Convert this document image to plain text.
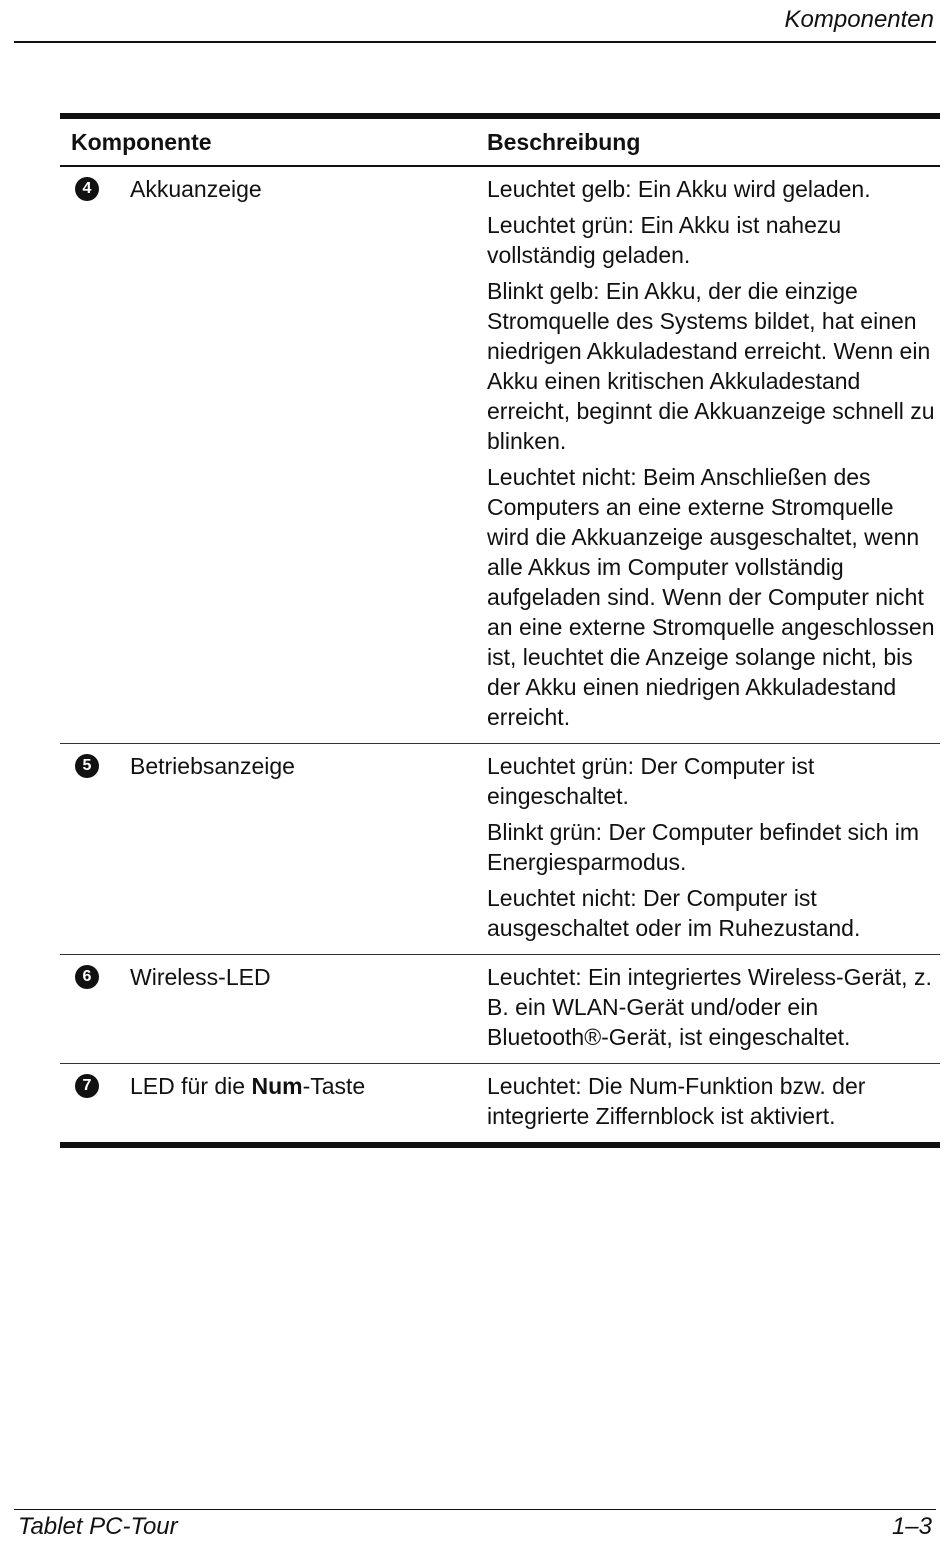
Komponenten
Komponente	Beschreibung
4	Akkuanzeige	Leuchtet gelb: Ein Akku wird geladen.

Leuchtet grün: Ein Akku ist nahezu vollständig geladen.

Blinkt gelb: Ein Akku, der die einzige Stromquelle des Systems bildet, hat einen niedrigen Akkuladestand erreicht. Wenn ein Akku einen kritischen Akkuladestand erreicht, beginnt die Akkuanzeige schnell zu blinken.

Leuchtet nicht: Beim Anschließen des Computers an eine externe Stromquelle wird die Akkuanzeige ausgeschaltet, wenn alle Akkus im Computer vollständig aufgeladen sind. Wenn der Computer nicht an eine externe Stromquelle angeschlossen ist, leuchtet die Anzeige solange nicht, bis der Akku einen niedrigen Akkuladestand erreicht.

5	Betriebsanzeige	Leuchtet grün: Der Computer ist eingeschaltet.

Blinkt grün: Der Computer befindet sich im Energiesparmodus.

Leuchtet nicht: Der Computer ist ausgeschaltet oder im Ruhezustand.

6	Wireless-LED	Leuchtet: Ein integriertes Wireless-Gerät, z. B. ein WLAN-Gerät und/oder ein Bluetooth®-Gerät, ist eingeschaltet.

7	LED für die Num-Taste	Leuchtet: Die Num-Funktion bzw. der integrierte Ziffernblock ist aktiviert.

Tablet PC-Tour	1–3
